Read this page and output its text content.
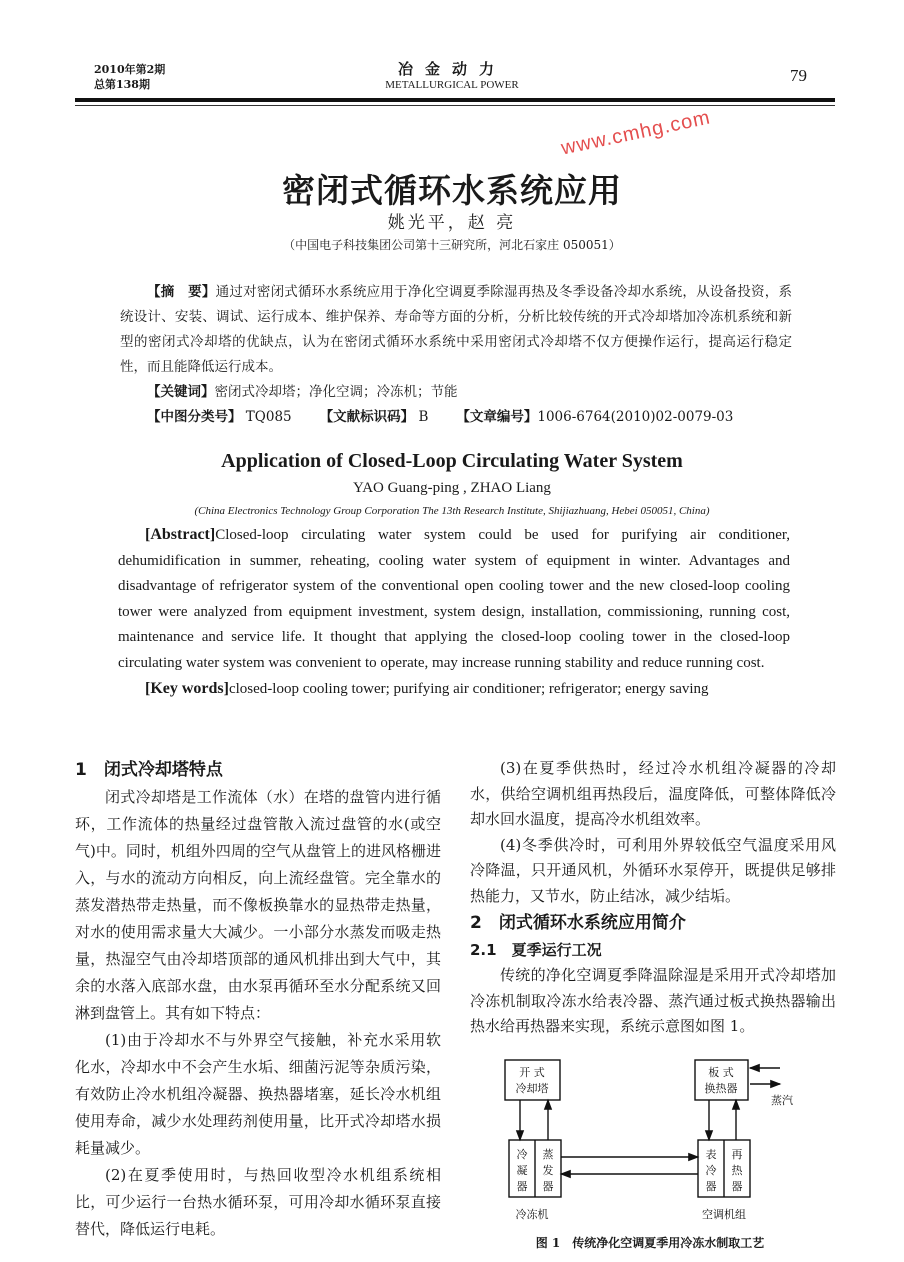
2010年第2期
总第138期
冶金动力
METALLURGICAL POWER	79
密闭式循环水系统应用
姚光平，赵 亮
（中国电子科技集团公司第十三研究所，河北石家庄 050051）

【摘　要】通过对密闭式循环水系统应用于净化空调夏季除湿再热及冬季设备冷却水系统，从设备投资，系统设计、安装、调试、运行成本、维护保养、寿命等方面的分析，分析比较传统的开式冷却塔加冷冻机系统和新型的密闭式冷却塔的优缺点，认为在密闭式循环水系统中采用密闭式冷却塔不仅方便操作运行，提高运行稳定性，而且能降低运行成本。

【关键词】密闭式冷却塔；净化空调；冷冻机；节能

【中图分类号】 TQ085 【文献标识码】 B 【文章编号】1006-6764(2010)02-0079-03
Application of Closed-Loop Circulating Water System
YAO Guang-ping , ZHAO Liang
(China Electronics Technology Group Corporation The 13th Research Institute, Shijiazhuang, Hebei 050051, China)

[Abstract]Closed-loop circulating water system could be used for purifying air conditioner, dehumidification in summer, reheating, cooling water system of equipment in winter. Advantages and disadvantage of refrigerator system of the conventional open cooling tower and the new closed-loop cooling tower were analyzed from equipment investment, system design, installation, commissioning, running cost, maintenance and service life. It thought that applying the closed-loop cooling tower in the closed-loop circulating water system was convenient to operate, may increase running stability and reduce running cost.

[Key words]closed-loop cooling tower; purifying air conditioner; refrigerator; energy saving

1　闭式冷却塔特点

闭式冷却塔是工作流体（水）在塔的盘管内进行循环，工作流体的热量经过盘管散入流过盘管的水(或空气)中。同时，机组外四周的空气从盘管上的进风格栅进入，与水的流动方向相反，向上流经盘管。完全靠水的蒸发潜热带走热量，而不像板换靠水的显热带走热量，对水的使用需求量大大减少。一小部分水蒸发而吸走热量，热湿空气由冷却塔顶部的通风机排出到大气中，其余的水落入底部水盘，由水泵再循环至水分配系统又回淋到盘管上。其有如下特点：

(1)由于冷却水不与外界空气接触，补充水采用软化水，冷却水中不会产生水垢、细菌污泥等杂质污染，有效防止冷水机组冷凝器、换热器堵塞，延长冷水机组使用寿命，减少水处理药剂使用量，比开式冷却塔水损耗量减少。

(2)在夏季使用时，与热回收型冷水机组系统相比，可少运行一台热水循环泵，可用冷却水循环泵直接替代，降低运行电耗。

(3)在夏季供热时，经过冷水机组冷凝器的冷却水，供给空调机组再热段后，温度降低，可整体降低冷却水回水温度，提高冷水机组效率。

(4)冬季供冷时，可利用外界较低空气温度采用风冷降温，只开通风机，外循环水泵停开，既提供足够排热能力，又节水，防止结冰，减少结垢。

2　闭式循环水系统应用简介
2.1　夏季运行工况

传统的净化空调夏季降温除湿是采用开式冷却塔加冷冻机制取冷冻水给表冷器、蒸汽通过板式换热器输出热水给再热器来实现，系统示意图如图 1。

开 式
冷却塔
板 式
换热器
蒸汽
冷
凝
器
蒸
发
器
表
冷
器
再
热
器
冷冻机	空调机组
图 1　传统净化空调夏季用冷冻水制取工艺
www.cmhg.com
